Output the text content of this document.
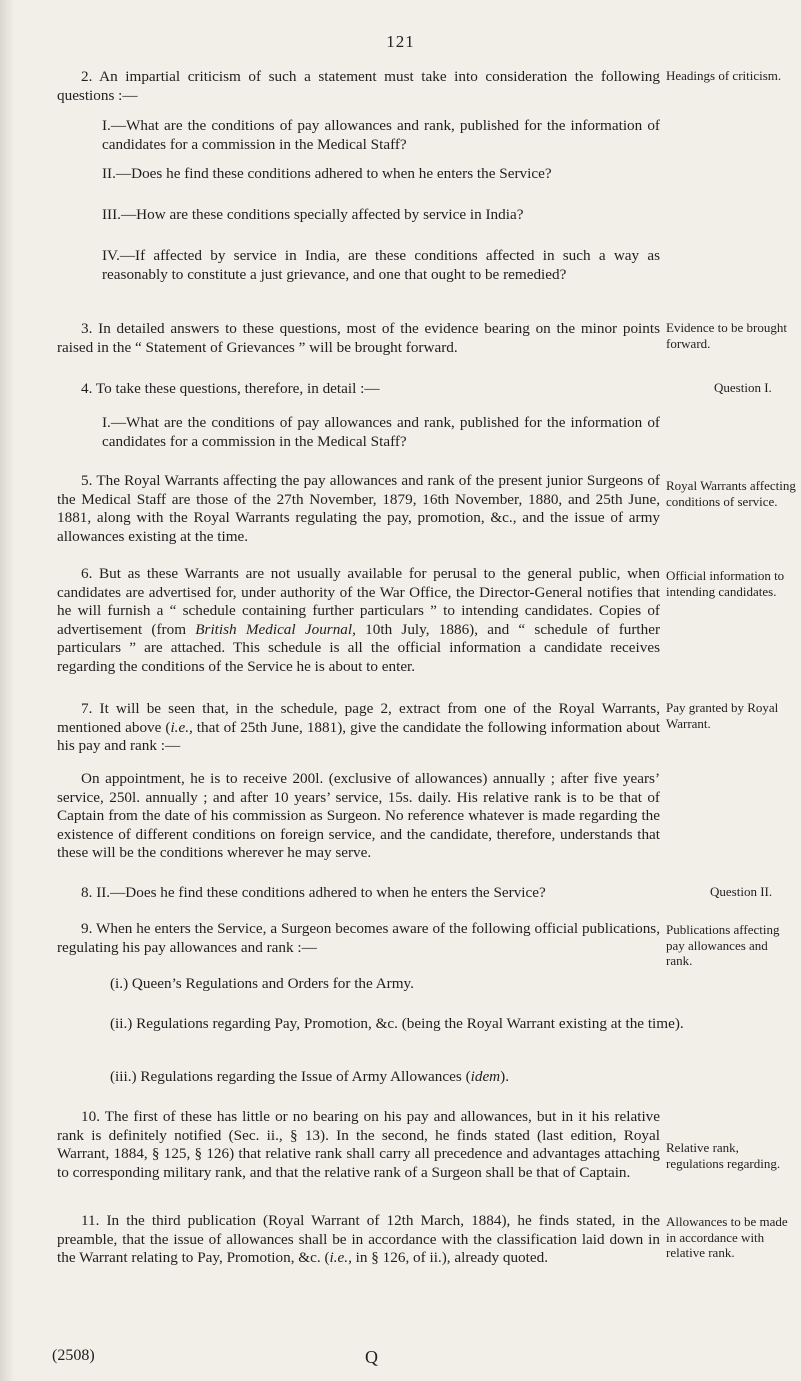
121
2. An impartial criticism of such a statement must take into consideration the following questions :—
Headings of criticism.
I.—What are the conditions of pay allowances and rank, published for the information of candidates for a commission in the Medical Staff?
II.—Does he find these conditions adhered to when he enters the Service?
III.—How are these conditions specially affected by service in India?
IV.—If affected by service in India, are these conditions affected in such a way as reasonably to constitute a just grievance, and one that ought to be remedied?
3. In detailed answers to these questions, most of the evidence bearing on the minor points raised in the “ Statement of Grievances ” will be brought forward.
Evidence to be brought forward.
4. To take these questions, therefore, in detail :—	Question I.
I.—What are the conditions of pay allowances and rank, published for the information of candidates for a commission in the Medical Staff?
5. The Royal Warrants affecting the pay allowances and rank of the present junior Surgeons of the Medical Staff are those of the 27th November, 1879, 16th November, 1880, and 25th June, 1881, along with the Royal Warrants regulating the pay, promotion, &c., and the issue of army allowances existing at the time.
Royal Warrants affecting conditions of service.
6. But as these Warrants are not usually available for perusal to the general public, when candidates are advertised for, under authority of the War Office, the Director-General notifies that he will furnish a “ schedule containing further particulars ” to intending candidates. Copies of advertisement (from British Medical Journal, 10th July, 1886), and “ schedule of further particulars ” are attached. This schedule is all the official information a candidate receives regarding the conditions of the Service he is about to enter.
Official information to intending candidates.
7. It will be seen that, in the schedule, page 2, extract from one of the Royal Warrants, mentioned above (i.e., that of 25th June, 1881), give the candidate the following information about his pay and rank :—
Pay granted by Royal Warrant.
On appointment, he is to receive 200l. (exclusive of allowances) annually ; after five years’ service, 250l. annually ; and after 10 years’ service, 15s. daily. His relative rank is to be that of Captain from the date of his commission as Surgeon. No reference whatever is made regarding the existence of different conditions on foreign service, and the candidate, therefore, understands that these will be the conditions wherever he may serve.
8. II.—Does he find these conditions adhered to when he enters the Service?	Question II.
9. When he enters the Service, a Surgeon becomes aware of the following official publications, regulating his pay allowances and rank :—
Publications affecting pay allowances and rank.
(i.) Queen’s Regulations and Orders for the Army.
(ii.) Regulations regarding Pay, Promotion, &c. (being the Royal Warrant existing at the time).
(iii.) Regulations regarding the Issue of Army Allowances (idem).
10. The first of these has little or no bearing on his pay and allowances, but in it his relative rank is definitely notified (Sec. ii., § 13). In the second, he finds stated (last edition, Royal Warrant, 1884, § 125, § 126) that relative rank shall carry all precedence and advantages attaching to corresponding military rank, and that the relative rank of a Surgeon shall be that of Captain.
Relative rank, regulations regarding.
11. In the third publication (Royal Warrant of 12th March, 1884), he finds stated, in the preamble, that the issue of allowances shall be in accordance with the classification laid down in the Warrant relating to Pay, Promotion, &c. (i.e., in § 126, of ii.), already quoted.
Allowances to be made in accordance with relative rank.
(2508)	Q
